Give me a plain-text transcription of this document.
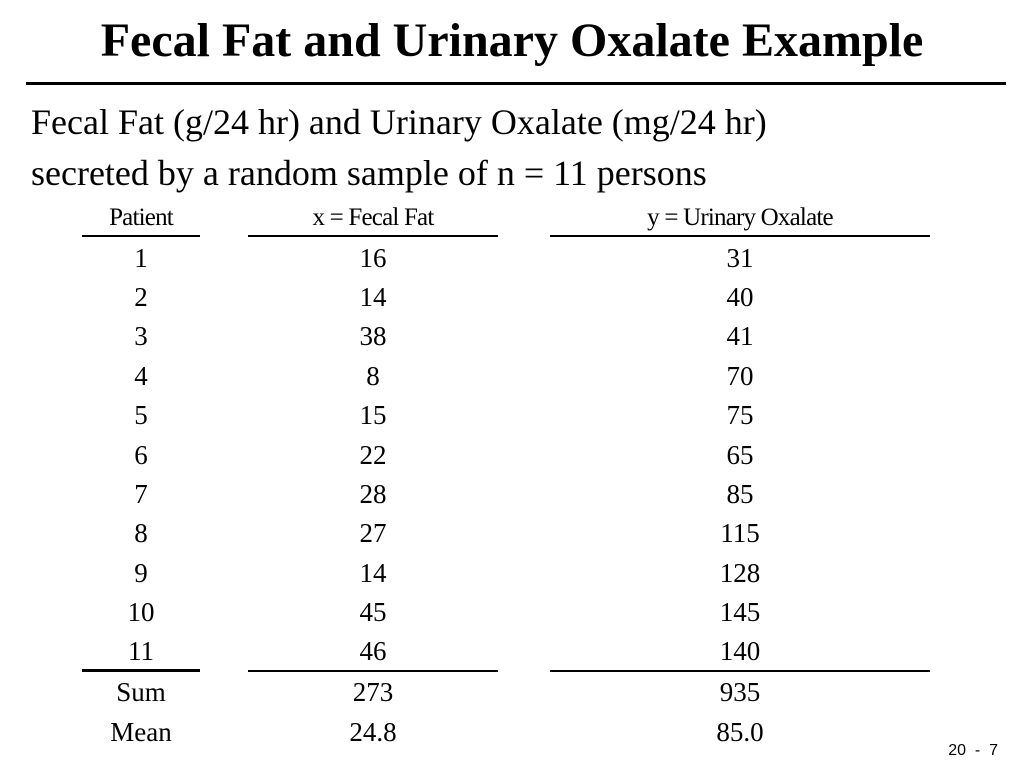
Fecal Fat and Urinary Oxalate Example
Fecal Fat (g/24 hr) and Urinary Oxalate (mg/24 hr)
secreted by a random sample of n = 11 persons
Patient	x = Fecal Fat	y = Urinary Oxalate
1	16	31
2	14	40
3	38	41
4	8	70
5	15	75
6	22	65
7	28	85
8	27	115
9	14	128
10	45	145
11	46	140
Sum	273	935
Mean	24.8	85.0
20  -  7
